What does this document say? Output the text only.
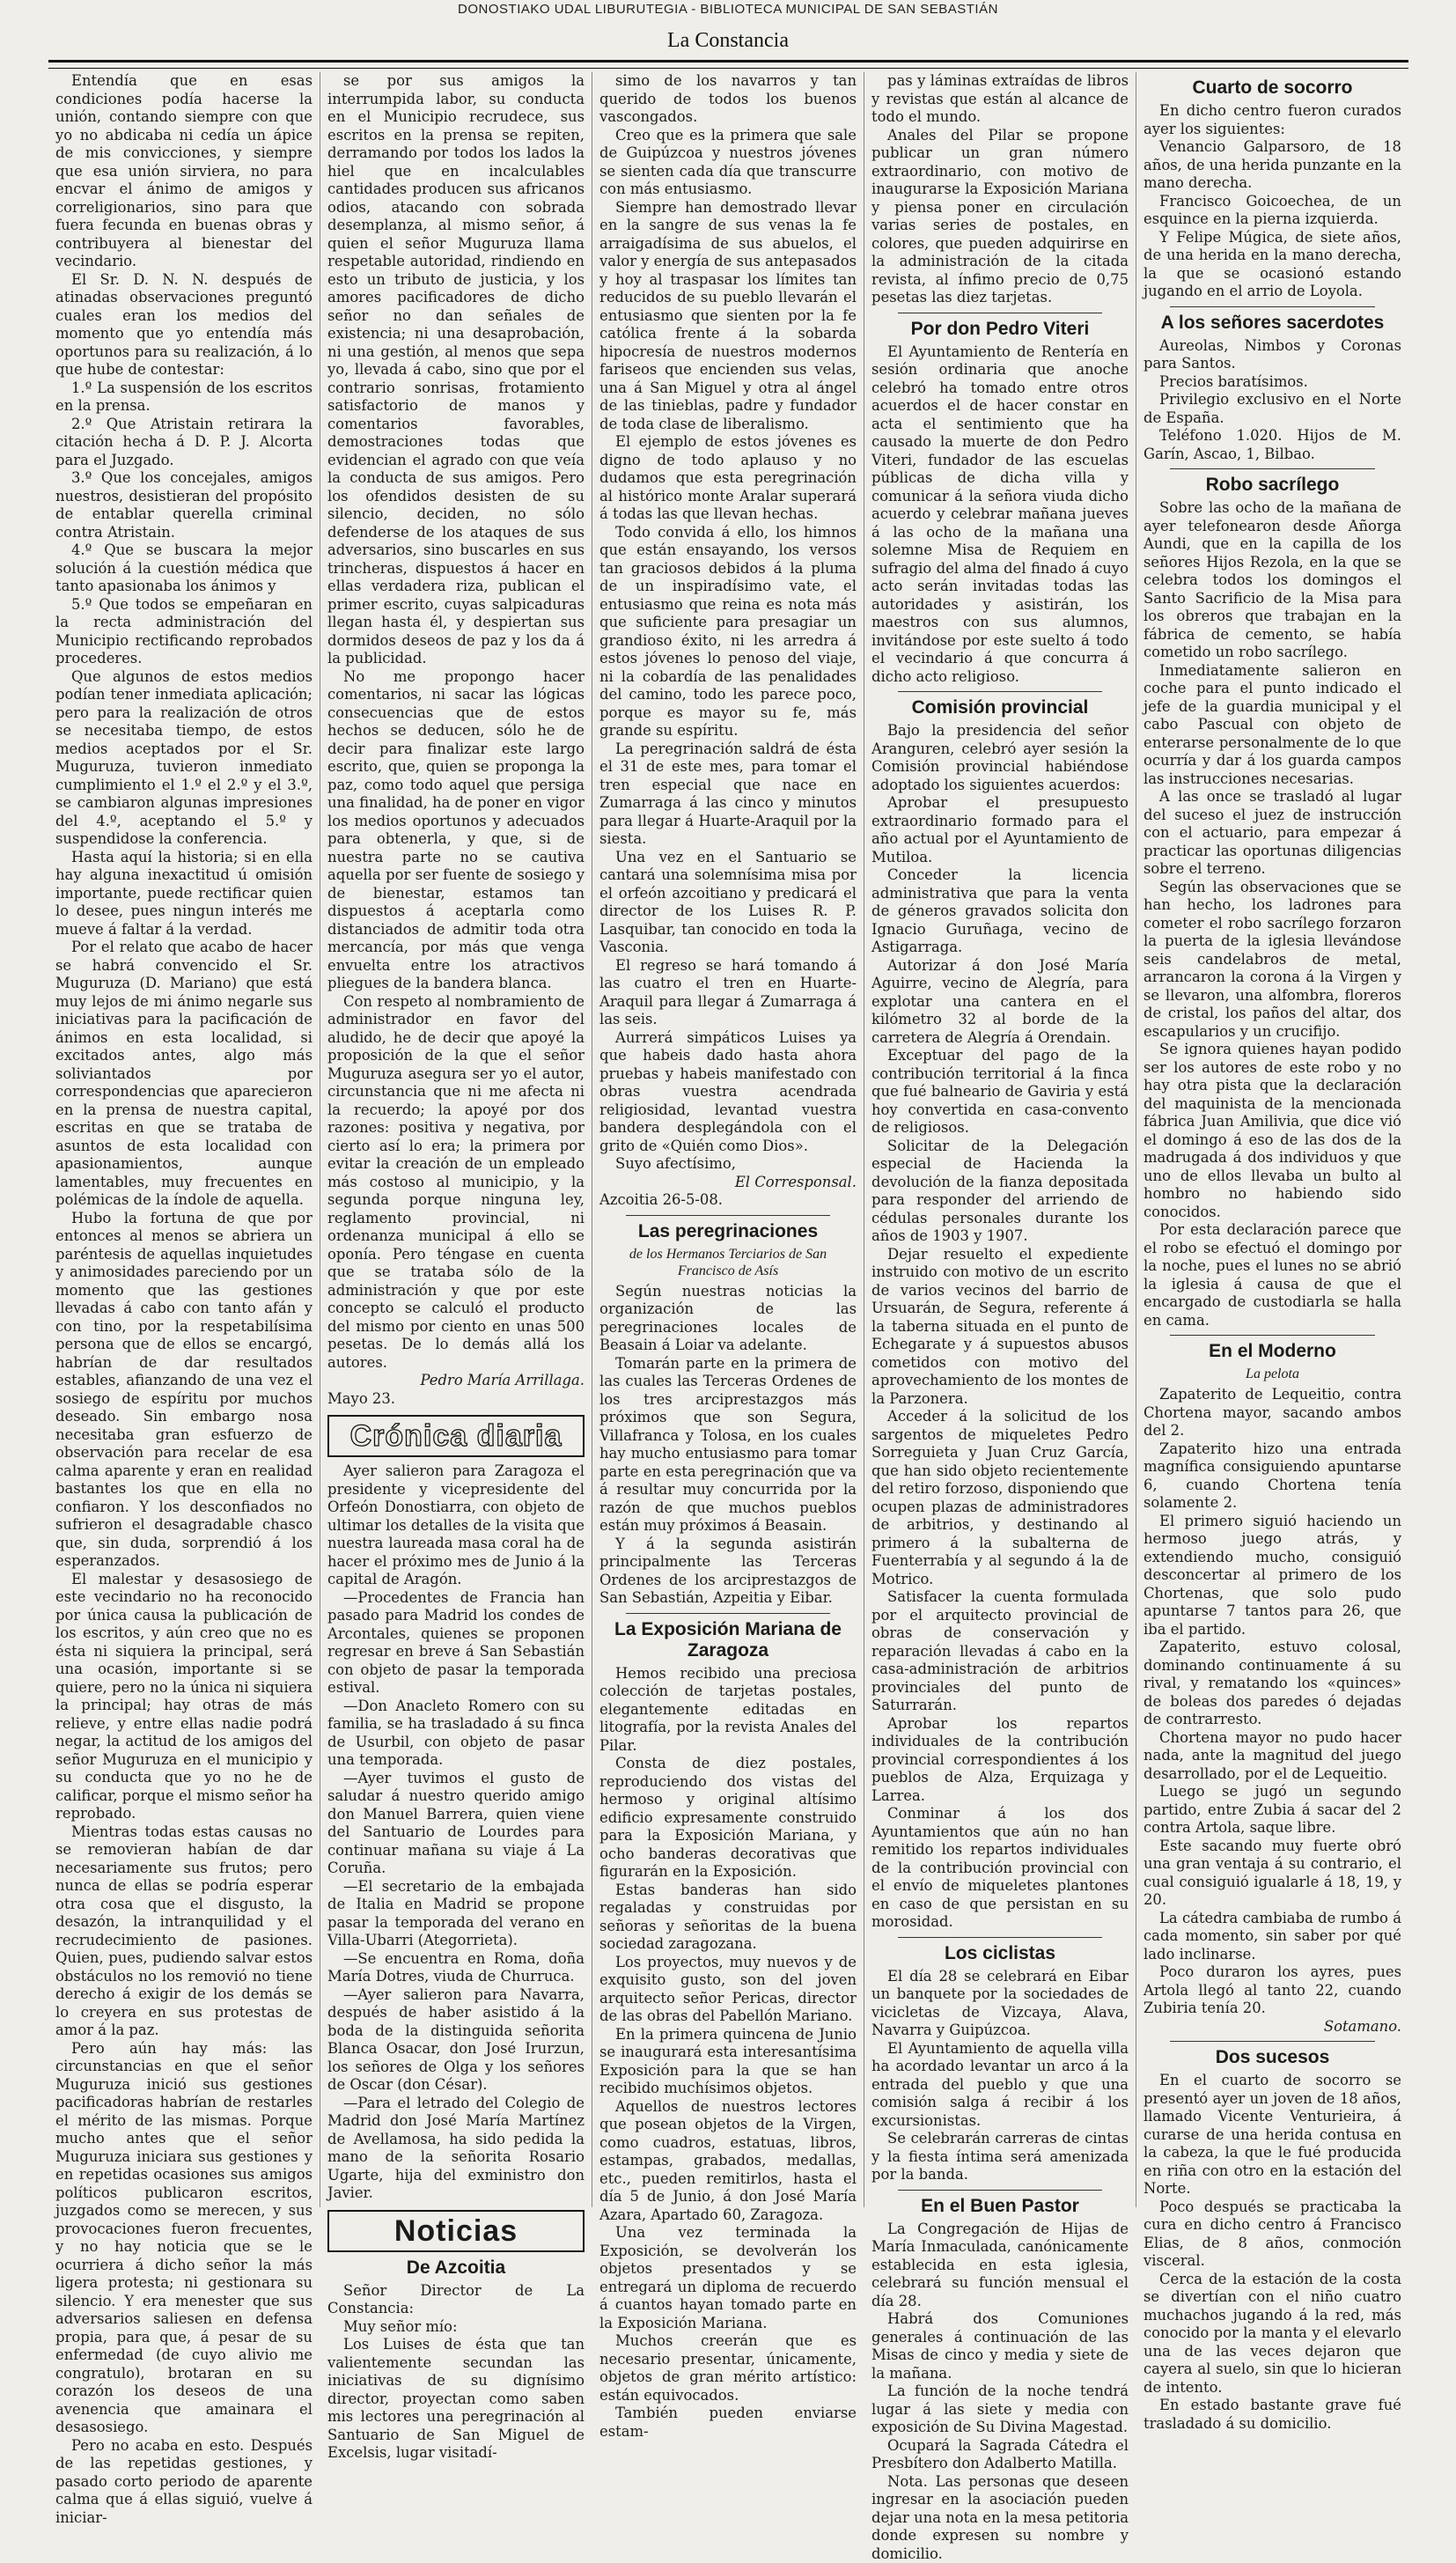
DONOSTIAKO UDAL LIBURUTEGIA - BIBLIOTECA MUNICIPAL DE SAN SEBASTIÁN
La Constancia

Entendía que en esas condiciones podía hacerse la unión, contando siempre con que yo no abdicaba ni cedía un ápice de mis convicciones, y siempre que esa unión sirviera, no para encvar el ánimo de amigos y correligionarios, sino para que fuera fecunda en buenas obras y contribuyera al bienestar del vecindario.

El Sr. D. N. N. después de atinadas observaciones preguntó cuales eran los medios del momento que yo entendía más oportunos para su realización, á lo que hube de contestar:

1.º La suspensión de los escritos en la prensa.

2.º Que Atristain retirara la citación hecha á D. P. J. Alcorta para el Juzgado.

3.º Que los concejales, amigos nuestros, desistieran del propósito de entablar querella criminal contra Atristain.

4.º Que se buscara la mejor solución á la cuestión médica que tanto apasionaba los ánimos y

5.º Que todos se empeñaran en la recta administración del Municipio rectificando reprobados procederes.

Que algunos de estos medios podían tener inmediata aplicación; pero para la realización de otros se necesitaba tiempo, de estos medios aceptados por el Sr. Muguruza, tuvieron inmediato cumplimiento el 1.º el 2.º y el 3.º, se cambiaron algunas impresiones del 4.º, aceptando el 5.º y suspendidose la conferencia.

Hasta aquí la historia; si en ella hay alguna inexactitud ú omisión importante, puede rectificar quien lo desee, pues ningun interés me mueve á faltar á la verdad.

Por el relato que acabo de hacer se habrá convencido el Sr. Muguruza (D. Mariano) que está muy lejos de mi ánimo negarle sus iniciativas para la pacificación de ánimos en esta localidad, si excitados antes, algo más soliviantados por correspondencias que aparecieron en la prensa de nuestra capital, escritas en que se trataba de asuntos de esta localidad con apasionamientos, aunque lamentables, muy frecuentes en polémicas de la índole de aquella.

Hubo la fortuna de que por entonces al menos se abriera un paréntesis de aquellas inquietudes y animosidades pareciendo por un momento que las gestiones llevadas á cabo con tanto afán y con tino, por la respetabilísima persona que de ellos se encargó, habrían de dar resultados estables, afianzando de una vez el sosiego de espíritu por muchos deseado. Sin embargo nosa necesitaba gran esfuerzo de observación para recelar de esa calma aparente y eran en realidad bastantes los que en ella no confiaron. Y los desconfiados no sufrieron el desagradable chasco que, sin duda, sorprendió á los esperanzados.

El malestar y desasosiego de este vecindario no ha reconocido por única causa la publicación de los escritos, y aún creo que no es ésta ni siquiera la principal, será una ocasión, importante si se quiere, pero no la única ni siquiera la principal; hay otras de más relieve, y entre ellas nadie podrá negar, la actitud de los amigos del señor Muguruza en el municipio y su conducta que yo no he de calificar, porque el mismo señor ha reprobado.

Mientras todas estas causas no se removieran habían de dar necesariamente sus frutos; pero nunca de ellas se podría esperar otra cosa que el disgusto, la desazón, la intranquilidad y el recrudecimiento de pasiones. Quien, pues, pudiendo salvar estos obstáculos no los removió no tiene derecho á exigir de los demás se lo creyera en sus protestas de amor á la paz.

Pero aún hay más: las circunstancias en que el señor Muguruza inició sus gestiones pacificadoras habrían de restarles el mérito de las mismas. Porque mucho antes que el señor Muguruza iniciara sus gestiones y en repetidas ocasiones sus amigos políticos publicaron escritos, juzgados como se merecen, y sus provocaciones fueron frecuentes, y no hay noticia que se le ocurriera á dicho señor la más ligera protesta; ni gestionara su silencio. Y era menester que sus adversarios saliesen en defensa propia, para que, á pesar de su enfermedad (de cuyo alivio me congratulo), brotaran en su corazón los deseos de una avenencia que amainara el desasosiego.

Pero no acaba en esto. Después de las repetidas gestiones, y pasado corto periodo de aparente calma que á ellas siguió, vuelve á iniciar-

se por sus amigos la interrumpida labor, su conducta en el Municipio recrudece, sus escritos en la prensa se repiten, derramando por todos los lados la hiel que en incalculables cantidades producen sus africanos odios, atacando con sobrada desemplanza, al mismo señor, á quien el señor Muguruza llama respetable autoridad, rindiendo en esto un tributo de justicia, y los amores pacificadores de dicho señor no dan señales de existencia; ni una desaprobación, ni una gestión, al menos que sepa yo, llevada á cabo, sino que por el contrario sonrisas, frotamiento satisfactorio de manos y comentarios favorables, demostraciones todas que evidencian el agrado con que veía la conducta de sus amigos. Pero los ofendidos desisten de su silencio, deciden, no sólo defenderse de los ataques de sus adversarios, sino buscarles en sus trincheras, dispuestos á hacer en ellas verdadera riza, publican el primer escrito, cuyas salpicaduras llegan hasta él, y despiertan sus dormidos deseos de paz y los da á la publicidad.

No me propongo hacer comentarios, ni sacar las lógicas consecuencias que de estos hechos se deducen, sólo he de decir para finalizar este largo escrito, que, quien se proponga la paz, como todo aquel que persiga una finalidad, ha de poner en vigor los medios oportunos y adecuados para obtenerla, y que, si de nuestra parte no se cautiva aquella por ser fuente de sosiego y de bienestar, estamos tan dispuestos á aceptarla como distanciados de admitir toda otra mercancía, por más que venga envuelta entre los atractivos pliegues de la bandera blanca.

Con respeto al nombramiento de administrador en favor del aludido, he de decir que apoyé la proposición de la que el señor Muguruza asegura ser yo el autor, circunstancia que ni me afecta ni la recuerdo; la apoyé por dos razones: positiva y negativa, por cierto así lo era; la primera por evitar la creación de un empleado más costoso al municipio, y la segunda porque ninguna ley, reglamento provincial, ni ordenanza municipal á ello se oponía. Pero téngase en cuenta que se trataba sólo de la administración y que por este concepto se calculó el producto del mismo por ciento en unas 500 pesetas. De lo demás allá los autores.

Pedro María Arrillaga.

Mayo 23.

Crónica diaria

Ayer salieron para Zaragoza el presidente y vicepresidente del Orfeón Donostiarra, con objeto de ultimar los detalles de la visita que nuestra laureada masa coral ha de hacer el próximo mes de Junio á la capital de Aragón.

—Procedentes de Francia han pasado para Madrid los condes de Arcontales, quienes se proponen regresar en breve á San Sebastián con objeto de pasar la temporada estival.

—Don Anacleto Romero con su familia, se ha trasladado á su finca de Usurbil, con objeto de pasar una temporada.

—Ayer tuvimos el gusto de saludar á nuestro querido amigo don Manuel Barrera, quien viene del Santuario de Lourdes para continuar mañana su viaje á La Coruña.

—El secretario de la embajada de Italia en Madrid se propone pasar la temporada del verano en Villa-Ubarri (Ategorrieta).

—Se encuentra en Roma, doña María Dotres, viuda de Churruca.

—Ayer salieron para Navarra, después de haber asistido á la boda de la distinguida señorita Blanca Osacar, don José Irurzun, los señores de Olga y los señores de Oscar (don César).

—Para el letrado del Colegio de Madrid don José María Martínez de Avellamosa, ha sido pedida la mano de la señorita Rosario Ugarte, hija del exministro don Javier.

Noticias
De Azcoitia

Señor Director de La Constancia:

Muy señor mío:

Los Luises de ésta que tan valientemente secundan las iniciativas de su dignísimo director, proyectan como saben mis lectores una peregrinación al Santuario de San Miguel de Excelsis, lugar visitadí-

simo de los navarros y tan querido de todos los buenos vascongados.

Creo que es la primera que sale de Guipúzcoa y nuestros jóvenes se sienten cada día que transcurre con más entusiasmo.

Siempre han demostrado llevar en la sangre de sus venas la fe arraigadísima de sus abuelos, el valor y energía de sus antepasados y hoy al traspasar los límites tan reducidos de su pueblo llevarán el entusiasmo que sienten por la fe católica frente á la sobarda hipocresía de nuestros modernos fariseos que encienden sus velas, una á San Miguel y otra al ángel de las tinieblas, padre y fundador de toda clase de liberalismo.

El ejemplo de estos jóvenes es digno de todo aplauso y no dudamos que esta peregrinación al histórico monte Aralar superará á todas las que llevan hechas.

Todo convida á ello, los himnos que están ensayando, los versos tan graciosos debidos á la pluma de un inspiradísimo vate, el entusiasmo que reina es nota más que suficiente para presagiar un grandioso éxito, ni les arredra á estos jóvenes lo penoso del viaje, ni la cobardía de las penalidades del camino, todo les parece poco, porque es mayor su fe, más grande su espíritu.

La peregrinación saldrá de ésta el 31 de este mes, para tomar el tren especial que nace en Zumarraga á las cinco y minutos para llegar á Huarte-Araquil por la siesta.

Una vez en el Santuario se cantará una solemnísima misa por el orfeón azcoitiano y predicará el director de los Luises R. P. Lasquibar, tan conocido en toda la Vasconia.

El regreso se hará tomando á las cuatro el tren en Huarte-Araquil para llegar á Zumarraga á las seis.

Aurrerá simpáticos Luises ya que habeis dado hasta ahora pruebas y habeis manifestado con obras vuestra acendrada religiosidad, levantad vuestra bandera desplegándola con el grito de «Quién como Dios».

Suyo afectísimo,

El Corresponsal.

Azcoitia 26-5-08.

Las peregrinaciones
de los Hermanos Terciarios de San Francisco de Asís

Según nuestras noticias la organización de las peregrinaciones locales de Beasain á Loiar va adelante.

Tomarán parte en la primera de las cuales las Terceras Ordenes de los tres arciprestazgos más próximos que son Segura, Villafranca y Tolosa, en los cuales hay mucho entusiasmo para tomar parte en esta peregrinación que va á resultar muy concurrida por la razón de que muchos pueblos están muy próximos á Beasain.

Y á la segunda asistirán principalmente las Terceras Ordenes de los arciprestazgos de San Sebastián, Azpeitia y Eibar.

La Exposición Mariana de Zaragoza

Hemos recibido una preciosa colección de tarjetas postales, elegantemente editadas en litografía, por la revista Anales del Pilar.

Consta de diez postales, reproduciendo dos vistas del hermoso y original altísimo edificio expresamente construido para la Exposición Mariana, y ocho banderas decorativas que figurarán en la Exposición.

Estas banderas han sido regaladas y construidas por señoras y señoritas de la buena sociedad zaragozana.

Los proyectos, muy nuevos y de exquisito gusto, son del joven arquitecto señor Pericas, director de las obras del Pabellón Mariano.

En la primera quincena de Junio se inaugurará esta interesantísima Exposición para la que se han recibido muchísimos objetos.

Aquellos de nuestros lectores que posean objetos de la Virgen, como cuadros, estatuas, libros, estampas, grabados, medallas, etc., pueden remitirlos, hasta el día 5 de Junio, á don José María Azara, Apartado 60, Zaragoza.

Una vez terminada la Exposición, se devolverán los objetos presentados y se entregará un diploma de recuerdo á cuantos hayan tomado parte en la Exposición Mariana.

Muchos creerán que es necesario presentar, únicamente, objetos de gran mérito artístico: están equivocados.

También pueden enviarse estam-

pas y láminas extraídas de libros y revistas que están al alcance de todo el mundo.

Anales del Pilar se propone publicar un gran número extraordinario, con motivo de inaugurarse la Exposición Mariana y piensa poner en circulación varias series de postales, en colores, que pueden adquirirse en la administración de la citada revista, al ínfimo precio de 0,75 pesetas las diez tarjetas.

Por don Pedro Viteri

El Ayuntamiento de Rentería en sesión ordinaria que anoche celebró ha tomado entre otros acuerdos el de hacer constar en acta el sentimiento que ha causado la muerte de don Pedro Viteri, fundador de las escuelas públicas de dicha villa y comunicar á la señora viuda dicho acuerdo y celebrar mañana jueves á las ocho de la mañana una solemne Misa de Requiem en sufragio del alma del finado á cuyo acto serán invitadas todas las autoridades y asistirán, los maestros con sus alumnos, invitándose por este suelto á todo el vecindario á que concurra á dicho acto religioso.

Comisión provincial

Bajo la presidencia del señor Aranguren, celebró ayer sesión la Comisión provincial habiéndose adoptado los siguientes acuerdos:

Aprobar el presupuesto extraordinario formado para el año actual por el Ayuntamiento de Mutiloa.

Conceder la licencia administrativa que para la venta de géneros gravados solicita don Ignacio Guruñaga, vecino de Astigarraga.

Autorizar á don José María Aguirre, vecino de Alegría, para explotar una cantera en el kilómetro 32 al borde de la carretera de Alegría á Orendain.

Exceptuar del pago de la contribución territorial á la finca que fué balneario de Gaviria y está hoy convertida en casa-convento de religiosos.

Solicitar de la Delegación especial de Hacienda la devolución de la fianza depositada para responder del arriendo de cédulas personales durante los años de 1903 y 1907.

Dejar resuelto el expediente instruido con motivo de un escrito de varios vecinos del barrio de Ursuarán, de Segura, referente á la taberna situada en el punto de Echegarate y á supuestos abusos cometidos con motivo del aprovechamiento de los montes de la Parzonera.

Acceder á la solicitud de los sargentos de miqueletes Pedro Sorreguieta y Juan Cruz García, que han sido objeto recientemente del retiro forzoso, disponiendo que ocupen plazas de administradores de arbitrios, y destinando al primero á la subalterna de Fuenterrabía y al segundo á la de Motrico.

Satisfacer la cuenta formulada por el arquitecto provincial de obras de conservación y reparación llevadas á cabo en la casa-administración de arbitrios provinciales del punto de Saturrarán.

Aprobar los repartos individuales de la contribución provincial correspondientes á los pueblos de Alza, Erquizaga y Larrea.

Conminar á los dos Ayuntamientos que aún no han remitido los repartos individuales de la contribución provincial con el envío de miqueletes plantones en caso de que persistan en su morosidad.

Los ciclistas

El día 28 se celebrará en Eibar un banquete por la sociedades de vicicletas de Vizcaya, Alava, Navarra y Guipúzcoa.

El Ayuntamiento de aquella villa ha acordado levantar un arco á la entrada del pueblo y que una comisión salga á recibir á los excursionistas.

Se celebrarán carreras de cintas y la fiesta íntima será amenizada por la banda.

En el Buen Pastor

La Congregación de Hijas de María Inmaculada, canónicamente establecida en esta iglesia, celebrará su función mensual el día 28.

Habrá dos Comuniones generales á continuación de las Misas de cinco y media y siete de la mañana.

La función de la noche tendrá lugar á las siete y media con exposición de Su Divina Magestad.

Ocupará la Sagrada Cátedra el Presbítero don Adalberto Matilla.

Nota. Las personas que deseen ingresar en la asociación pueden dejar una nota en la mesa petitoria donde expresen su nombre y domicilio.

Cuarto de socorro

En dicho centro fueron curados ayer los siguientes:

Venancio Galparsoro, de 18 años, de una herida punzante en la mano derecha.

Francisco Goicoechea, de un esquince en la pierna izquierda.

Y Felipe Múgica, de siete años, de una herida en la mano derecha, la que se ocasionó estando jugando en el arrio de Loyola.

A los señores sacerdotes

Aureolas, Nimbos y Coronas para Santos.

Precios baratísimos.

Privilegio exclusivo en el Norte de España.

Teléfono 1.020. Hijos de M. Garín, Ascao, 1, Bilbao.

Robo sacrílego

Sobre las ocho de la mañana de ayer telefonearon desde Añorga Aundi, que en la capilla de los señores Hijos Rezola, en la que se celebra todos los domingos el Santo Sacrificio de la Misa para los obreros que trabajan en la fábrica de cemento, se había cometido un robo sacrílego.

Inmediatamente salieron en coche para el punto indicado el jefe de la guardia municipal y el cabo Pascual con objeto de enterarse personalmente de lo que ocurría y dar á los guarda campos las instrucciones necesarias.

A las once se trasladó al lugar del suceso el juez de instrucción con el actuario, para empezar á practicar las oportunas diligencias sobre el terreno.

Según las observaciones que se han hecho, los ladrones para cometer el robo sacrílego forzaron la puerta de la iglesia llevándose seis candelabros de metal, arrancaron la corona á la Virgen y se llevaron, una alfombra, floreros de cristal, los paños del altar, dos escapularios y un crucifijo.

Se ignora quienes hayan podido ser los autores de este robo y no hay otra pista que la declaración del maquinista de la mencionada fábrica Juan Amilivia, que dice vió el domingo á eso de las dos de la madrugada á dos individuos y que uno de ellos llevaba un bulto al hombro no habiendo sido conocidos.

Por esta declaración parece que el robo se efectuó el domingo por la noche, pues el lunes no se abrió la iglesia á causa de que el encargado de custodiarla se halla en cama.

En el Moderno
La pelota

Zapaterito de Lequeitio, contra Chortena mayor, sacando ambos del 2.

Zapaterito hizo una entrada magnífica consiguiendo apuntarse 6, cuando Chortena tenía solamente 2.

El primero siguió haciendo un hermoso juego atrás, y extendiendo mucho, consiguió desconcertar al primero de los Chortenas, que solo pudo apuntarse 7 tantos para 26, que iba el partido.

Zapaterito, estuvo colosal, dominando continuamente á su rival, y rematando los «quinces» de boleas dos paredes ó dejadas de contrarresto.

Chortena mayor no pudo hacer nada, ante la magnitud del juego desarrollado, por el de Lequeitio.

Luego se jugó un segundo partido, entre Zubia á sacar del 2 contra Artola, saque libre.

Este sacando muy fuerte obró una gran ventaja á su contrario, el cual consiguió igualarle á 18, 19, y 20.

La cátedra cambiaba de rumbo á cada momento, sin saber por qué lado inclinarse.

Poco duraron los ayres, pues Artola llegó al tanto 22, cuando Zubiria tenía 20.

Sotamano.

Dos sucesos

En el cuarto de socorro se presentó ayer un joven de 18 años, llamado Vicente Venturieira, á curarse de una herida contusa en la cabeza, la que le fué producida en riña con otro en la estación del Norte.

Poco después se practicaba la cura en dicho centro á Francisco Elias, de 8 años, conmoción visceral.

Cerca de la estación de la costa se divertían con el niño cuatro muchachos jugando á la red, más conocido por la manta y el elevarlo una de las veces dejaron que cayera al suelo, sin que lo hicieran de intento.

En estado bastante grave fué trasladado á su domicilio.
